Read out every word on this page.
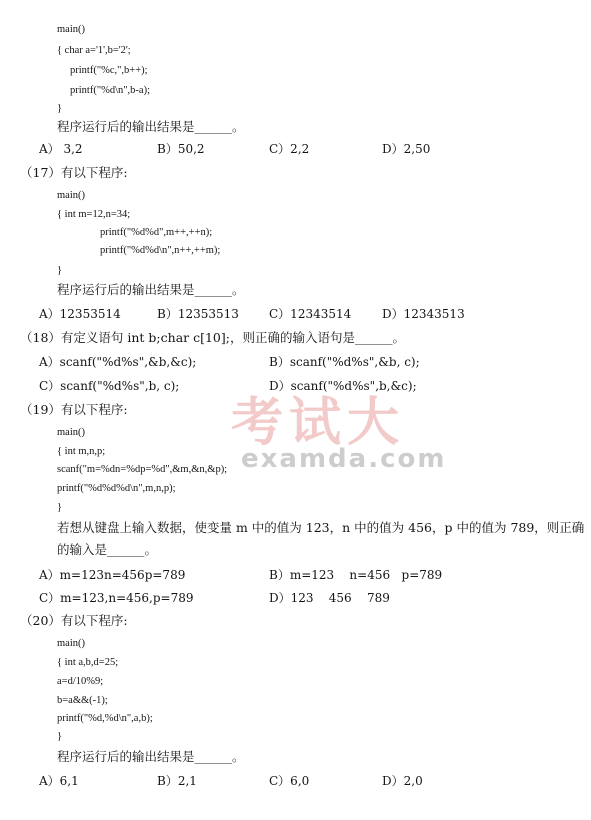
考试大
examda.com
main()
{ char a='1',b='2';
printf("%c,",b++);
printf("%d\n",b-a);
}
程序运行后的输出结果是______。
A） 3,2	B）50,2	C）2,2	D）2,50
（17）有以下程序:
main()
{ int m=12,n=34;
printf("%d%d",m++,++n);
printf("%d%d\n",n++,++m);
}
程序运行后的输出结果是______。
A）12353514	B）12353513	C）12343514	D）12343513
（18）有定义语句 int b;char c[10];，则正确的输入语句是______。
A）scanf("%d%s",&b,&c);	B）scanf("%d%s",&b, c);
C）scanf("%d%s",b, c);	D）scanf("%d%s",b,&c);
（19）有以下程序:
main()
{ int m,n,p;
scanf("m=%dn=%dp=%d",&m,&n,&p);
printf("%d%d%d\n",m,n,p);
}
若想从键盘上输入数据，使变量 m 中的值为 123，n 中的值为 456，p 中的值为 789，则正确
的输入是______。
A）m=123n=456p=789	B）m=123    n=456   p=789
C）m=123,n=456,p=789	D）123    456    789
（20）有以下程序:
main()
{ int a,b,d=25;
a=d/10%9;
b=a&&(-1);
printf("%d,%d\n",a,b);
}
程序运行后的输出结果是______。
A）6,1	B）2,1	C）6,0	D）2,0
